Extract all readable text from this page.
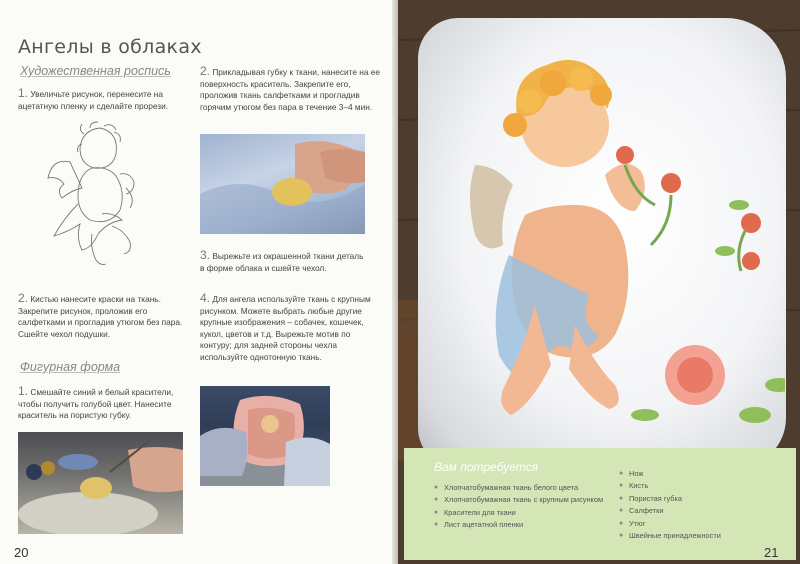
Ангелы в облаках
Художественная роспись
1. Увеличьте рисунок, перенесите на ацетатную пленку и сделайте прорези.
2. Прикладывая губку к ткани, нанесите на ее поверхность краситель. Закрепите его, проложив ткань салфетками и прогладив горячим утюгом без пара в течение 3–4 мин.
3. Вырежьте из окрашенной ткани деталь в форме облака и сшейте чехол.
2. Кистью нанесите краски на ткань. Закрепите рисунок, проложив его салфетками и прогладив утюгом без пара. Сшейте чехол подушки.
4. Для ангела используйте ткань с крупным рисунком. Можете выбрать любые другие крупные изображения – собачек, кошечек, кукол, цветов и т.д. Вырежьте мотив по контуру; для задней стороны чехла используйте однотонную ткань.
Фигурная форма
1. Смешайте синий и белый красители, чтобы получить голубой цвет. Нанесите краситель на пористую губку.
20
Вам потребуется
● Хлопчатобумажная ткань белого цвета
● Хлопчатобумажная ткань с крупным рисунком
● Красители для ткани
● Лист ацетатной пленки
● Нож
● Кисть
● Пористая губка
● Салфетки
● Утюг
● Швейные принадлежности
21
